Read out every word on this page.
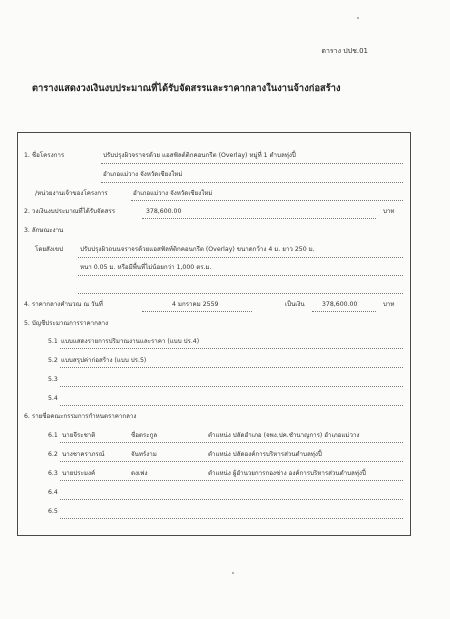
ตาราง ปปช.01
ตารางแสดงวงเงินงบประมาณที่ได้รับจัดสรรและราคากลางในงานจ้างก่อสร้าง
1. ชื่อโครงการ	ปรับปรุงผิวจราจรด้วย แอสฟัลต์ติกคอนกรีต (Overlay) หมู่ที่ 1 ตำบลทุ่งปี้
อำเภอแม่วาง จังหวัดเชียงใหม่
/หน่วยงานเจ้าของโครงการ	อำเภอแม่วาง จังหวัดเชียงใหม่
2. วงเงินงบประมาณที่ได้รับจัดสรร	378,600.00	บาท
3. ลักษณะงาน
โดยสังเขป	ปรับปรุงผิวถนนจราจรด้วยแอสฟัลท์ติกคอนกรีต (Overlay) ขนาดกว้าง 4 ม. ยาว 250 ม.
หนา 0.05 ม. หรือมีพื้นที่ไม่น้อยกว่า 1,000 ตร.ม.
4. ราคากลางคำนวณ ณ วันที่	4 มกราคม 2559	เป็นเงิน	378,600.00	บาท
5. บัญชีประมาณการราคากลาง
5.1 แบบแสดงรายการปริมาณงานและราคา (แบบ ปร.4)
5.2 แบบสรุปค่าก่อสร้าง (แบบ ปร.5)
5.3
5.4
6. รายชื่อคณะกรรมการกำหนดราคากลาง
6.1 นายจีระชาติ	ชื่อตระกูล	ตำแหน่ง ปลัดอำเภอ (จพง.ปค.ชำนาญการ) อำเภอแม่วาง
6.2 นางชาคราภรณ์	จันทร์งาม	ตำแหน่ง ปลัดองค์การบริหารส่วนตำบลทุ่งปี้
6.3 นายประมงค์	ดงเฟง	ตำแหน่ง ผู้อำนวยการกองช่าง องค์การบริหารส่วนตำบลทุ่งปี้
6.4
6.5
